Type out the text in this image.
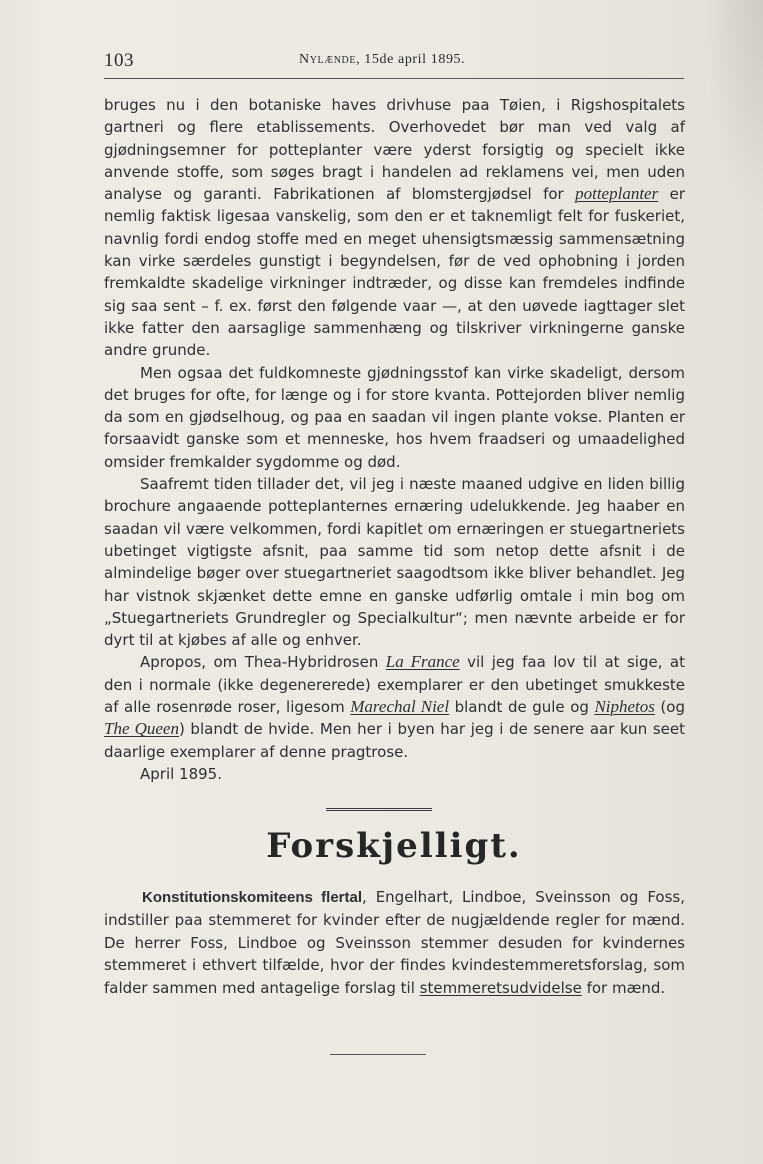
103	Nylænde, 15de april 1895.

bruges nu i den botaniske haves drivhuse paa Tøien, i Rigshospitalets gartneri og flere etablissements. Overhovedet bør man ved valg af gjødningsemner for potteplanter være yderst forsigtig og specielt ikke anvende stoffe, som søges bragt i handelen ad reklamens vei, men uden analyse og garanti. Fabrikationen af blomstergjødsel for potteplanter er nemlig faktisk ligesaa vanskelig, som den er et taknemligt felt for fuskeriet, navnlig fordi endog stoffe med en meget uhensigtsmæssig sammensætning kan virke særdeles gunstigt i begyndelsen, før de ved ophobning i jorden fremkaldte skadelige virkninger indtræder, og disse kan fremdeles indfinde sig saa sent – f. ex. først den følgende vaar —, at den uøvede iagttager slet ikke fatter den aarsaglige sammenhæng og tilskriver virkningerne ganske andre grunde.

Men ogsaa det fuldkomneste gjødningsstof kan virke skadeligt, dersom det bruges for ofte, for længe og i for store kvanta. Pottejorden bliver nemlig da som en gjødselhoug, og paa en saadan vil ingen plante vokse. Planten er forsaavidt ganske som et menneske, hos hvem fraadseri og umaadelighed omsider fremkalder sygdomme og død.

Saafremt tiden tillader det, vil jeg i næste maaned udgive en liden billig brochure angaaende potteplanternes ernæring udelukkende. Jeg haaber en saadan vil være velkommen, fordi kapitlet om ernæringen er stuegartneriets ubetinget vigtigste afsnit, paa samme tid som netop dette afsnit i de almindelige bøger over stuegartneriet saagodtsom ikke bliver behandlet. Jeg har vistnok skjænket dette emne en ganske udførlig omtale i min bog om „Stuegartneriets Grundregler og Specialkultur“; men nævnte arbeide er for dyrt til at kjøbes af alle og enhver.

Apropos, om Thea-Hybridrosen La France vil jeg faa lov til at sige, at den i normale (ikke degenererede) exemplarer er den ubetinget smukkeste af alle rosenrøde roser, ligesom Marechal Niel blandt de gule og Niphetos (og The Queen) blandt de hvide. Men her i byen har jeg i de senere aar kun seet daarlige exemplarer af denne pragtrose.

April 1895.

Forskjelligt.

Konstitutionskomiteens flertal, Engelhart, Lindboe, Sveinsson og Foss, indstiller paa stemmeret for kvinder efter de nugjældende regler for mænd. De herrer Foss, Lindboe og Sveinsson stemmer desuden for kvindernes stemmeret i ethvert tilfælde, hvor der findes kvindestemmeretsforslag, som falder sammen med antagelige forslag til stemmeretsudvidelse for mænd.
